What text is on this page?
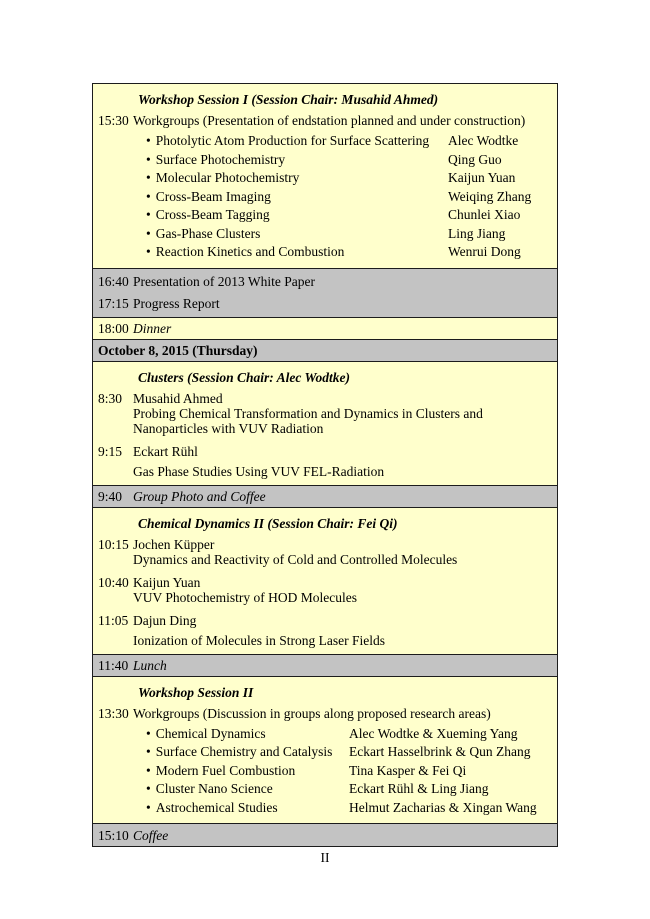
Workshop Session I (Session Chair: Musahid Ahmed)
15:30 Workgroups (Presentation of endstation planned and under construction)
• Photolytic Atom Production for Surface Scattering	Alec Wodtke
• Surface Photochemistry	Qing Guo
• Molecular Photochemistry	Kaijun Yuan
• Cross-Beam Imaging	Weiqing Zhang
• Cross-Beam Tagging	Chunlei Xiao
• Gas-Phase Clusters	Ling Jiang
• Reaction Kinetics and Combustion	Wenrui Dong
16:40 Presentation of 2013 White Paper
17:15 Progress Report
18:00 Dinner
October 8, 2015 (Thursday)
Clusters (Session Chair: Alec Wodtke)
8:30 Musahid Ahmed
Probing Chemical Transformation and Dynamics in Clusters and Nanoparticles with VUV Radiation
9:15 Eckart Rühl
Gas Phase Studies Using VUV FEL-Radiation
9:40 Group Photo and Coffee
Chemical Dynamics II (Session Chair: Fei Qi)
10:15 Jochen Küpper
Dynamics and Reactivity of Cold and Controlled Molecules
10:40 Kaijun Yuan
VUV Photochemistry of HOD Molecules
11:05 Dajun Ding
Ionization of Molecules in Strong Laser Fields
11:40 Lunch
Workshop Session II
13:30 Workgroups (Discussion in groups along proposed research areas)
• Chemical Dynamics	Alec Wodtke & Xueming Yang
• Surface Chemistry and Catalysis	Eckart Hasselbrink & Qun Zhang
• Modern Fuel Combustion	Tina Kasper & Fei Qi
• Cluster Nano Science	Eckart Rühl & Ling Jiang
• Astrochemical Studies	Helmut Zacharias & Xingan Wang
15:10 Coffee
II
